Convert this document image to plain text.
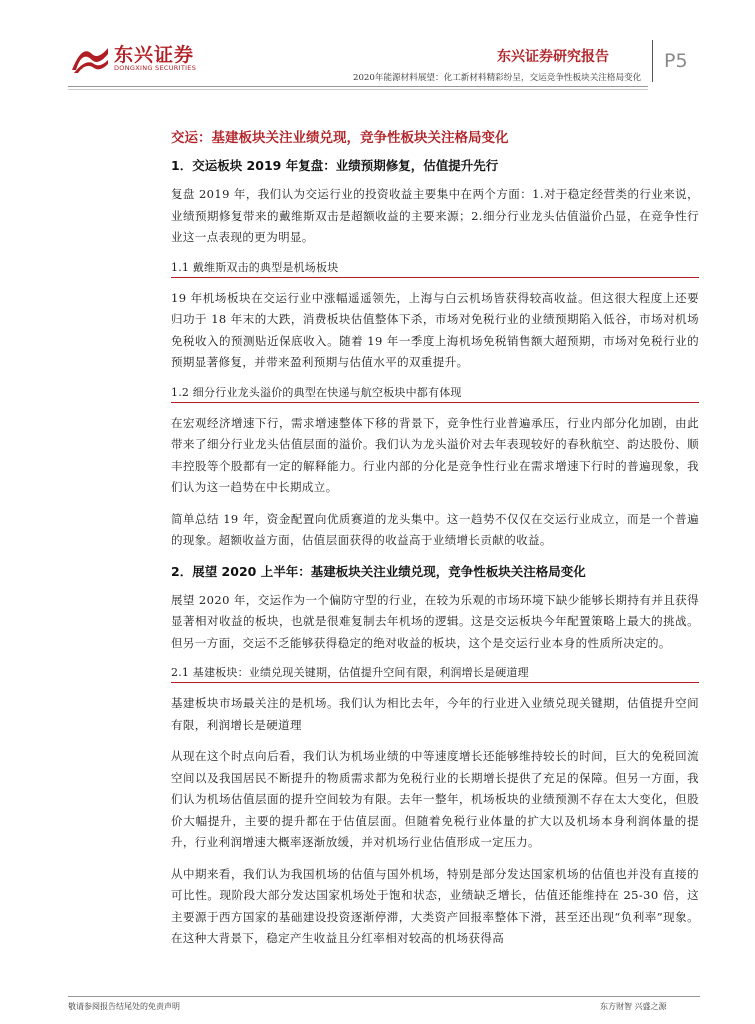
东兴证券
DONGXING SECURITIES
东兴证券研究报告
2020年能源材料展望：化工新材料精彩纷呈，交运竞争性板块关注格局变化
P5
交运：基建板块关注业绩兑现，竞争性板块关注格局变化
1．交运板块 2019 年复盘：业绩预期修复，估值提升先行

复盘 2019 年，我们认为交运行业的投资收益主要集中在两个方面：1.对于稳定经营类的行业来说，业绩预期修复带来的戴维斯双击是超额收益的主要来源；2.细分行业龙头估值溢价凸显，在竞争性行业这一点表现的更为明显。

1.1 戴维斯双击的典型是机场板块

19 年机场板块在交运行业中涨幅遥遥领先，上海与白云机场皆获得较高收益。但这很大程度上还要归功于 18 年末的大跌，消费板块估值整体下杀，市场对免税行业的业绩预期陷入低谷，市场对机场免税收入的预测贴近保底收入。随着 19 年一季度上海机场免税销售额大超预期，市场对免税行业的预期显著修复，并带来盈利预期与估值水平的双重提升。

1.2 细分行业龙头溢价的典型在快递与航空板块中都有体现

在宏观经济增速下行，需求增速整体下移的背景下，竞争性行业普遍承压，行业内部分化加剧，由此带来了细分行业龙头估值层面的溢价。我们认为龙头溢价对去年表现较好的春秋航空、韵达股份、顺丰控股等个股都有一定的解释能力。行业内部的分化是竞争性行业在需求增速下行时的普遍现象，我们认为这一趋势在中长期成立。

简单总结 19 年，资金配置向优质赛道的龙头集中。这一趋势不仅仅在交运行业成立，而是一个普遍的现象。超额收益方面，估值层面获得的收益高于业绩增长贡献的收益。

2．展望 2020 上半年：基建板块关注业绩兑现，竞争性板块关注格局变化

展望 2020 年，交运作为一个偏防守型的行业，在较为乐观的市场环境下缺少能够长期持有并且获得显著相对收益的板块，也就是很难复制去年机场的逻辑。这是交运板块今年配置策略上最大的挑战。但另一方面，交运不乏能够获得稳定的绝对收益的板块，这个是交运行业本身的性质所决定的。

2.1 基建板块：业绩兑现关键期，估值提升空间有限，利润增长是硬道理

基建板块市场最关注的是机场。我们认为相比去年，今年的行业进入业绩兑现关键期，估值提升空间有限，利润增长是硬道理

从现在这个时点向后看，我们认为机场业绩的中等速度增长还能够维持较长的时间，巨大的免税回流空间以及我国居民不断提升的物质需求都为免税行业的长期增长提供了充足的保障。但另一方面，我们认为机场估值层面的提升空间较为有限。去年一整年，机场板块的业绩预测不存在太大变化，但股价大幅提升，主要的提升都在于估值层面。但随着免税行业体量的扩大以及机场本身利润体量的提升，行业利润增速大概率逐渐放缓，并对机场行业估值形成一定压力。

从中期来看，我们认为我国机场的估值与国外机场，特别是部分发达国家机场的估值也并没有直接的可比性。现阶段大部分发达国家机场处于饱和状态，业绩缺乏增长，估值还能维持在 25-30 倍，这主要源于西方国家的基础建设投资逐渐停滞，大类资产回报率整体下滑，甚至还出现“负利率”现象。在这种大背景下，稳定产生收益且分红率相对较高的机场获得高

敬请参阅报告结尾处的免责声明	东方财智 兴盛之源
